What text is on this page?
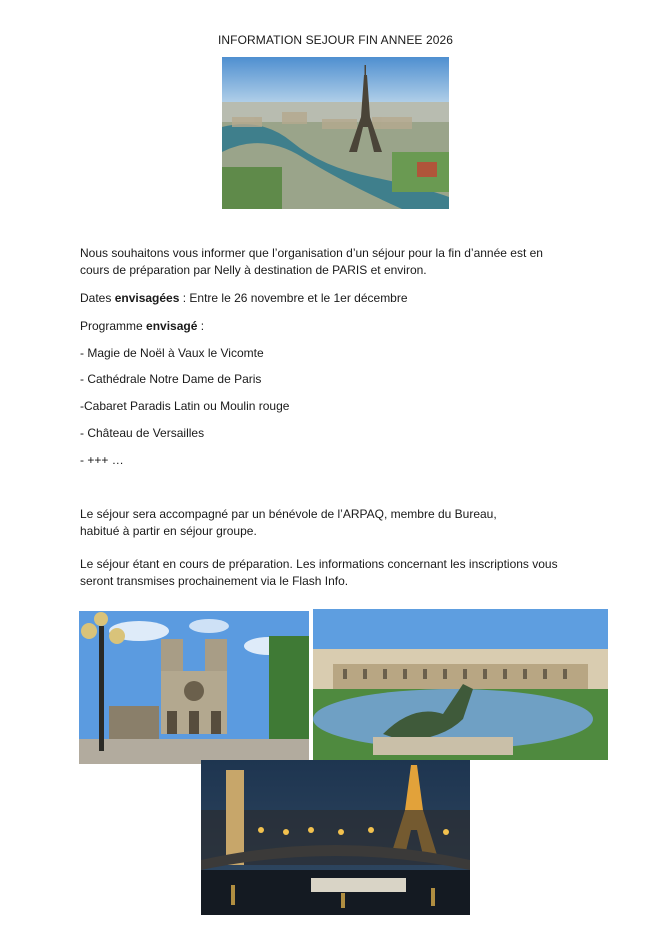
INFORMATION SEJOUR FIN ANNEE 2026

Nous souhaitons vous informer que l’organisation d’un séjour pour la fin d’année est en

cours de préparation par Nelly à destination de PARIS et environ.

Dates envisagées : Entre le 26 novembre et le 1er décembre

Programme envisagé :

- Magie de Noël à Vaux le Vicomte
- Cathédrale Notre Dame de Paris
-Cabaret Paradis Latin ou Moulin rouge
- Château de Versailles
- +++ …

Le séjour sera accompagné par un bénévole de l’ARPAQ, membre du Bureau,

habitué à partir en séjour groupe.

Le séjour étant en cours de préparation. Les informations concernant les inscriptions vous

seront transmises prochainement via le Flash Info.
